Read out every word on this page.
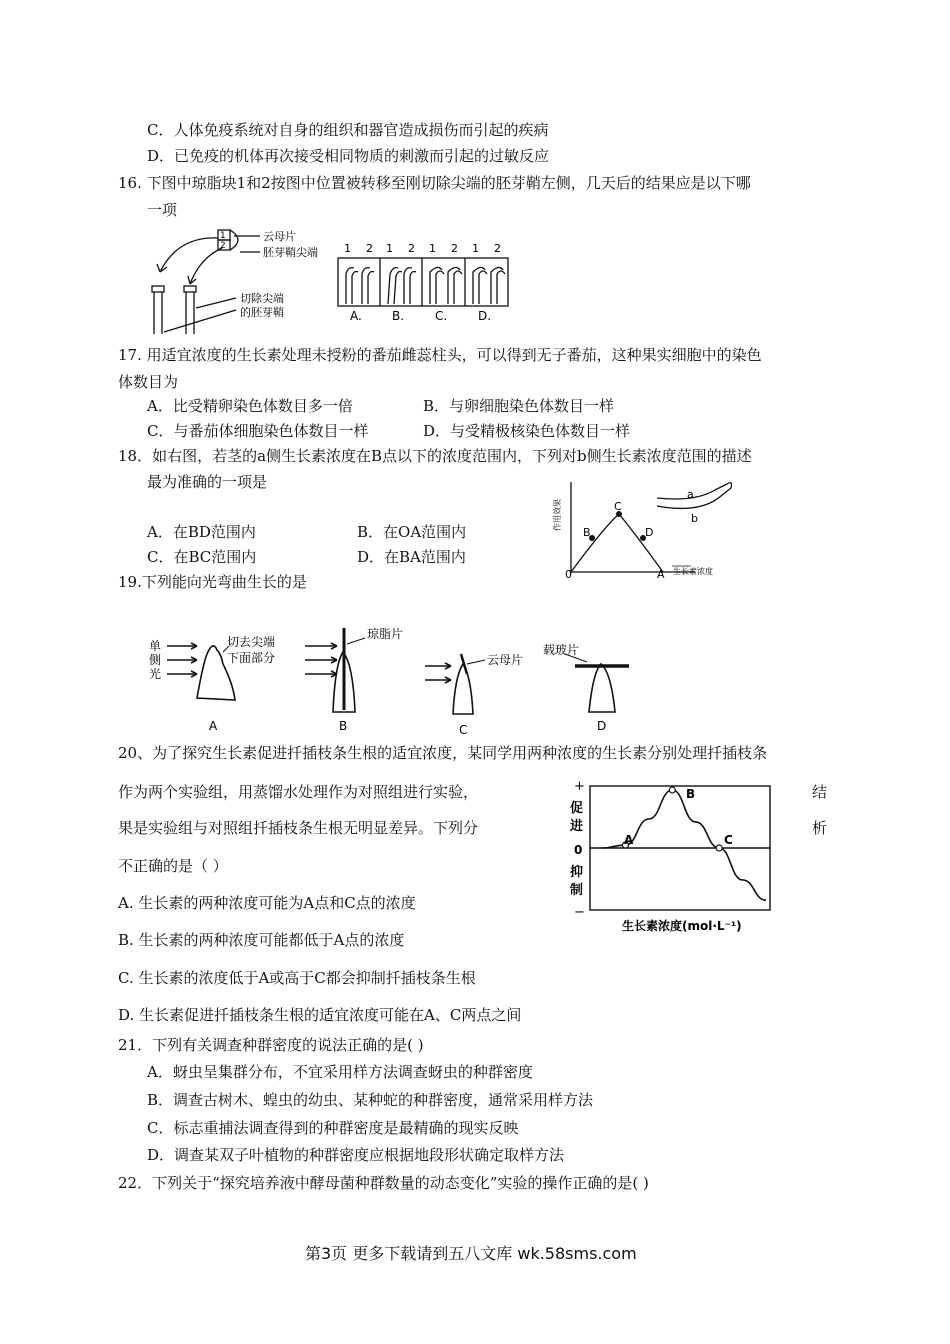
C．人体免疫系统对自身的组织和器官造成损伤而引起的疾病
D．已免疫的机体再次接受相同物质的刺激而引起的过敏反应
16. 下图中琼脂块1和2按图中位置被转移至刚切除尖端的胚芽鞘左侧，几天后的结果应是以下哪
一项
1
2
云母片
胚芽鞘尖端
切除尖端
的胚芽鞘
1 2 1 2 1 2 1 2
A.	B.	C.	D.
17. 用适宜浓度的生长素处理未授粉的番茄雌蕊柱头，可以得到无子番茄，这种果实细胞中的染色
体数目为
A．比受精卵染色体数目多一倍	B．与卵细胞染色体数目一样
C．与番茄体细胞染色体数目一样	D．与受精极核染色体数目一样
18．如右图，若茎的a侧生长素浓度在B点以下的浓度范围内，下列对b侧生长素浓度范围的描述
最为准确的一项是
A．在BD范围内	B．在OA范围内
C．在BC范围内	D．在BA范围内
作用效果
生长素浓度
0	A
B
C
D
a
b
19.下列能向光弯曲生长的是
单
侧
光
切去尖端
下面部分
琼脂片
云母片
载玻片
A	B	C	D
20、为了探究生长素促进扦插枝条生根的适宜浓度，某同学用两种浓度的生长素分别处理扦插枝条
作为两个实验组，用蒸馏水处理作为对照组进行实验，	结
果是实验组与对照组扦插枝条生根无明显差异。下列分	析
不正确的是（ ）
A. 生长素的两种浓度可能为A点和C点的浓度
B. 生长素的两种浓度可能都低于A点的浓度
C. 生长素的浓度低于A或高于C都会抑制扦插枝条生根
D. 生长素促进扦插枝条生根的适宜浓度可能在A、C两点之间
+
−
0
促
进
抑
制
生长素浓度(mol·L⁻¹)
A
B
C
21．下列有关调查种群密度的说法正确的是( )
A．蚜虫呈集群分布，不宜采用样方法调查蚜虫的种群密度
B．调查古树木、蝗虫的幼虫、某种蛇的种群密度，通常采用样方法
C．标志重捕法调查得到的种群密度是最精确的现实反映
D．调查某双子叶植物的种群密度应根据地段形状确定取样方法
22．下列关于“探究培养液中酵母菌种群数量的动态变化”实验的操作正确的是( )
第3页 更多下载请到五八文库 wk.58sms.com
